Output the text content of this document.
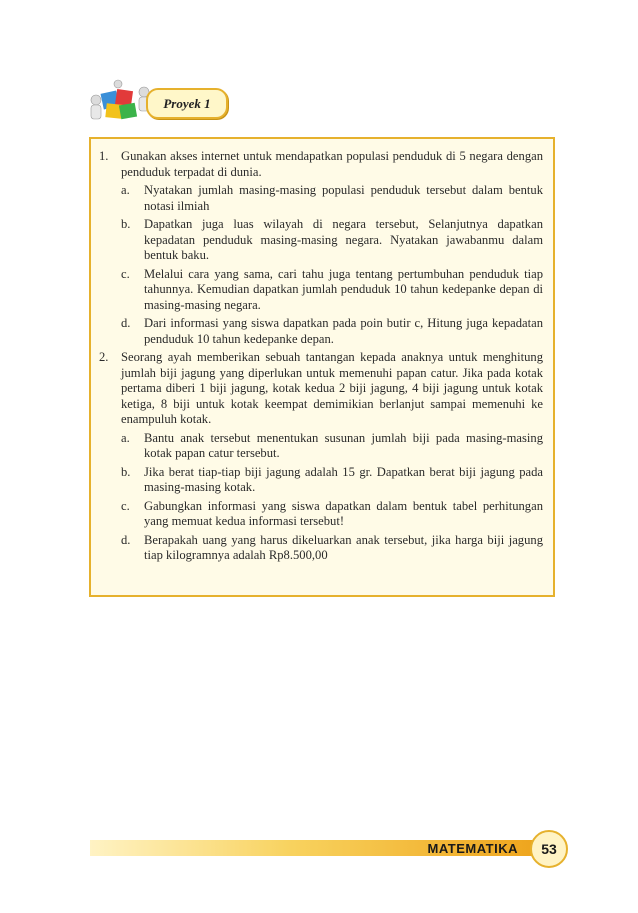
Proyek 1
1. Gunakan akses internet untuk mendapatkan populasi penduduk di 5 negara dengan penduduk terpadat di dunia.

a. Nyatakan jumlah masing-masing populasi penduduk tersebut dalam bentuk notasi ilmiah
b. Dapatkan juga luas wilayah di negara tersebut, Selanjutnya dapatkan kepadatan penduduk masing-masing negara. Nyatakan jawabanmu dalam bentuk baku.
c. Melalui cara yang sama, cari tahu juga tentang pertumbuhan penduduk tiap tahunnya. Kemudian dapatkan jumlah penduduk 10 tahun kedepanke depan di masing-masing negara.
d. Dari informasi yang siswa dapatkan pada poin butir c, Hitung juga kepadatan penduduk 10 tahun kedepanke depan.
2. Seorang ayah memberikan sebuah tantangan kepada anaknya untuk menghitung jumlah biji jagung yang diperlukan untuk memenuhi papan catur. Jika pada kotak pertama diberi 1 biji jagung, kotak kedua 2 biji jagung, 4 biji jagung untuk kotak ketiga, 8 biji untuk kotak keempat demimikian berlanjut sampai memenuhi ke enampuluh kotak.

a. Bantu anak tersebut menentukan susunan jumlah biji pada masing-masing kotak papan catur tersebut.
b. Jika berat tiap-tiap biji jagung adalah 15 gr. Dapatkan berat biji jagung pada masing-masing kotak.
c. Gabungkan informasi yang siswa dapatkan dalam bentuk tabel perhitungan yang memuat kedua informasi tersebut!
d. Berapakah uang yang harus dikeluarkan anak tersebut, jika harga biji jagung tiap kilogramnya adalah Rp8.500,00
MATEMATIKA	53
